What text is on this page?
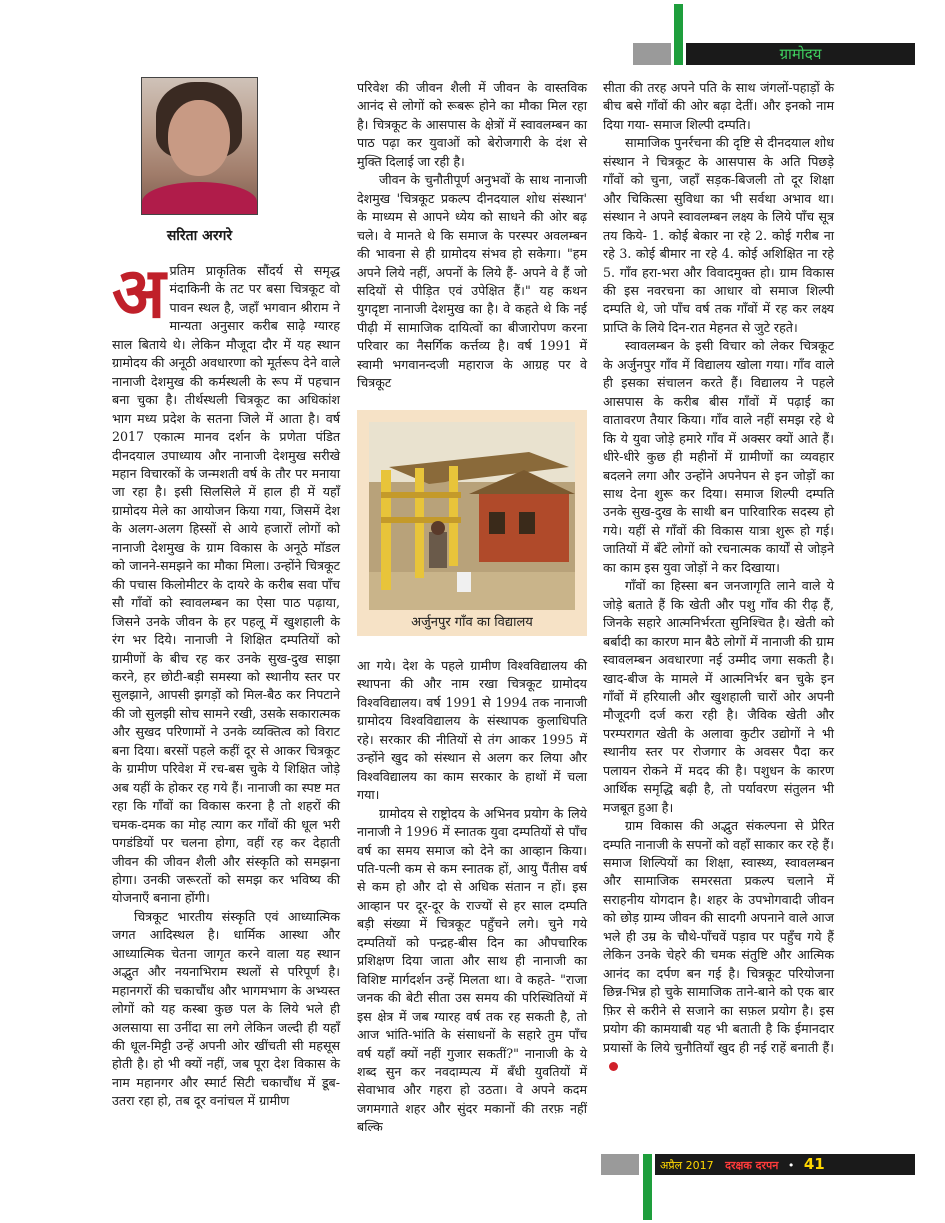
ग्रामोदय
सरिता अरगरे

अप्रतिम प्राकृतिक सौंदर्य से समृद्ध मंदाकिनी के तट पर बसा चित्रकूट वो पावन स्थल है, जहाँ भगवान श्रीराम ने मान्यता अनुसार करीब साढ़े ग्यारह साल बिताये थे। लेकिन मौजूदा दौर में यह स्थान ग्रामोदय की अनूठी अवधारणा को मूर्तरूप देने वाले नानाजी देशमुख की कर्मस्थली के रूप में पहचान बना चुका है। तीर्थस्थली चित्रकूट का अधिकांश भाग मध्य प्रदेश के सतना जिले में आता है। वर्ष 2017 एकात्म मानव दर्शन के प्रणेता पंडित दीनदयाल उपाध्याय और नानाजी देशमुख सरीखे महान विचारकों के जन्मशती वर्ष के तौर पर मनाया जा रहा है। इसी सिलसिले में हाल ही में यहाँ ग्रामोदय मेले का आयोजन किया गया, जिसमें देश के अलग-अलग हिस्सों से आये हजारों लोगों को नानाजी देशमुख के ग्राम विकास के अनूठे मॉडल को जानने-समझने का मौका मिला। उन्होंने चित्रकूट की पचास किलोमीटर के दायरे के करीब सवा पाँच सौ गाँवों को स्वावलम्बन का ऐसा पाठ पढ़ाया, जिसने उनके जीवन के हर पहलू में खुशहाली के रंग भर दिये। नानाजी ने शिक्षित दम्पतियों को ग्रामीणों के बीच रह कर उनके सुख-दुख साझा करने, हर छोटी-बड़ी समस्या को स्थानीय स्तर पर सुलझाने, आपसी झगड़ों को मिल-बैठ कर निपटाने की जो सुलझी सोच सामने रखी, उसके सकारात्मक और सुखद परिणामों ने उनके व्यक्तित्व को विराट बना दिया। बरसों पहले कहीं दूर से आकर चित्रकूट के ग्रामीण परिवेश में रच-बस चुके ये शिक्षित जोड़े अब यहीं के होकर रह गये हैं। नानाजी का स्पष्ट मत रहा कि गाँवों का विकास करना है तो शहरों की चमक-दमक का मोह त्याग कर गाँवों की धूल भरी पगडंडियों पर चलना होगा, वहीं रह कर देहाती जीवन की जीवन शैली और संस्कृति को समझना होगा। उनकी जरूरतों को समझ कर भविष्य की योजनाएँ बनाना होंगी।

चित्रकूट भारतीय संस्कृति एवं आध्यात्मिक जगत आदिस्थल है। धार्मिक आस्था और आध्यात्मिक चेतना जागृत करने वाला यह स्थान अद्भुत और नयनाभिराम स्थलों से परिपूर्ण है। महानगरों की चकाचौंध और भागमभाग के अभ्यस्त लोगों को यह कस्बा कुछ पल के लिये भले ही अलसाया सा उनींदा सा लगे लेकिन जल्दी ही यहाँ की धूल-मिट्टी उन्हें अपनी ओर खींचती सी महसूस होती है। हो भी क्यों नहीं, जब पूरा देश विकास के नाम महानगर और स्मार्ट सिटी चकाचौंध में डूब-उतरा रहा हो, तब दूर वनांचल में ग्रामीण

परिवेश की जीवन शैली में जीवन के वास्तविक आनंद से लोगों को रूबरू होने का मौका मिल रहा है। चित्रकूट के आसपास के क्षेत्रों में स्वावलम्बन का पाठ पढ़ा कर युवाओं को बेरोजगारी के दंश से मुक्ति दिलाई जा रही है।

जीवन के चुनौतीपूर्ण अनुभवों के साथ नानाजी देशमुख 'चित्रकूट प्रकल्प दीनदयाल शोध संस्थान' के माध्यम से आपने ध्येय को साधने की ओर बढ़ चले। वे मानते थे कि समाज के परस्पर अवलम्बन की भावना से ही ग्रामोदय संभव हो सकेगा। "हम अपने लिये नहीं, अपनों के लिये हैं- अपने वे हैं जो सदियों से पीड़ित एवं उपेक्षित हैं।" यह कथन युगदृष्टा नानाजी देशमुख का है। वे कहते थे कि नई पीढ़ी में सामाजिक दायित्वों का बीजारोपण करना परिवार का नैसर्गिक कर्त्तव्य है। वर्ष 1991 में स्वामी भगवानन्दजी महाराज के आग्रह पर वे चित्रकूट

अर्जुनपुर गाँव का विद्यालय

आ गये। देश के पहले ग्रामीण विश्वविद्यालय की स्थापना की और नाम रखा चित्रकूट ग्रामोदय विश्वविद्यालय। वर्ष 1991 से 1994 तक नानाजी ग्रामोदय विश्वविद्यालय के संस्थापक कुलाधिपति रहे। सरकार की नीतियों से तंग आकर 1995 में उन्होंने खुद को संस्थान से अलग कर लिया और विश्वविद्यालय का काम सरकार के हाथों में चला गया।

ग्रामोदय से राष्ट्रोदय के अभिनव प्रयोग के लिये नानाजी ने 1996 में स्नातक युवा दम्पतियों से पाँच वर्ष का समय समाज को देने का आव्हान किया। पति-पत्नी कम से कम स्नातक हों, आयु पैंतीस वर्ष से कम हो और दो से अधिक संतान न हों। इस आव्हान पर दूर-दूर के राज्यों से हर साल दम्पति बड़ी संख्या में चित्रकूट पहुँचने लगे। चुने गये दम्पतियों को पन्द्रह-बीस दिन का औपचारिक प्रशिक्षण दिया जाता और साथ ही नानाजी का विशिष्ट मार्गदर्शन उन्हें मिलता था। वे कहते- "राजा जनक की बेटी सीता उस समय की परिस्थितियों में इस क्षेत्र में जब ग्यारह वर्ष तक रह सकती है, तो आज भांति-भांति के संसाधनों के सहारे तुम पाँच वर्ष यहाँ क्यों नहीं गुजार सकतीं?" नानाजी के ये शब्द सुन कर नवदाम्पत्य में बँधी युवतियों में सेवाभाव और गहरा हो उठता। वे अपने कदम जगमगाते शहर और सुंदर मकानों की तरफ़ नहीं बल्कि

सीता की तरह अपने पति के साथ जंगलों-पहाड़ों के बीच बसे गाँवों की ओर बढ़ा देतीं। और इनको नाम दिया गया- समाज शिल्पी दम्पति।

सामाजिक पुनर्रचना की दृष्टि से दीनदयाल शोध संस्थान ने चित्रकूट के आसपास के अति पिछड़े गाँवों को चुना, जहाँ सड़क-बिजली तो दूर शिक्षा और चिकित्सा सुविधा का भी सर्वथा अभाव था। संस्थान ने अपने स्वावलम्बन लक्ष्य के लिये पाँच सूत्र तय किये- 1. कोई बेकार ना रहे 2. कोई गरीब ना रहे 3. कोई बीमार ना रहे 4. कोई अशिक्षित ना रहे 5. गाँव हरा-भरा और विवादमुक्त हो। ग्राम विकास की इस नवरचना का आधार वो समाज शिल्पी दम्पति थे, जो पाँच वर्ष तक गाँवों में रह कर लक्ष्य प्राप्ति के लिये दिन-रात मेहनत से जुटे रहते।

स्वावलम्बन के इसी विचार को लेकर चित्रकूट के अर्जुनपुर गाँव में विद्यालय खोला गया। गाँव वाले ही इसका संचालन करते हैं। विद्यालय ने पहले आसपास के करीब बीस गाँवों में पढ़ाई का वातावरण तैयार किया। गाँव वाले नहीं समझ रहे थे कि ये युवा जोड़े हमारे गाँव में अक्सर क्यों आते हैं। धीरे-धीरे कुछ ही महीनों में ग्रामीणों का व्यवहार बदलने लगा और उन्होंने अपनेपन से इन जोड़ों का साथ देना शुरू कर दिया। समाज शिल्पी दम्पति उनके सुख-दुख के साथी बन पारिवारिक सदस्य हो गये। यहीं से गाँवों की विकास यात्रा शुरू हो गई। जातियों में बँटे लोगों को रचनात्मक कार्यों से जोड़ने का काम इस युवा जोड़ों ने कर दिखाया।

गाँवों का हिस्सा बन जनजागृति लाने वाले ये जोड़े बताते हैं कि खेती और पशु गाँव की रीढ़ हैं, जिनके सहारे आत्मनिर्भरता सुनिश्चित है। खेती को बर्बादी का कारण मान बैठे लोगों में नानाजी की ग्राम स्वावलम्बन अवधारणा नई उम्मीद जगा सकती है। खाद-बीज के मामले में आत्मनिर्भर बन चुके इन गाँवों में हरियाली और खुशहाली चारों ओर अपनी मौजूदगी दर्ज करा रही है। जैविक खेती और परम्परागत खेती के अलावा कुटीर उद्योगों ने भी स्थानीय स्तर पर रोजगार के अवसर पैदा कर पलायन रोकने में मदद की है। पशुधन के कारण आर्थिक समृद्धि बढ़ी है, तो पर्यावरण संतुलन भी मजबूत हुआ है।

ग्राम विकास की अद्भुत संकल्पना से प्रेरित दम्पति नानाजी के सपनों को वहाँ साकार कर रहे हैं। समाज शिल्पियों का शिक्षा, स्वास्थ्य, स्वावलम्बन और सामाजिक समरसता प्रकल्प चलाने में सराहनीय योगदान है। शहर के उपभोगवादी जीवन को छोड़ ग्राम्य जीवन की सादगी अपनाने वाले आज भले ही उम्र के चौथे-पाँचवें पड़ाव पर पहुँच गये हैं लेकिन उनके चेहरे की चमक संतुष्टि और आत्मिक आनंद का दर्पण बन गई है। चित्रकूट परियोजना छिन्न-भिन्न हो चुके सामाजिक ताने-बाने को एक बार फ़िर से करीने से सजाने का सफ़ल प्रयोग है। इस प्रयोग की कामयाबी यह भी बताती है कि ईमानदार प्रयासों के लिये चुनौतियाँ खुद ही नई राहें बनाती हैं।

अप्रैल 2017 दरक्षक दरपन • 41
